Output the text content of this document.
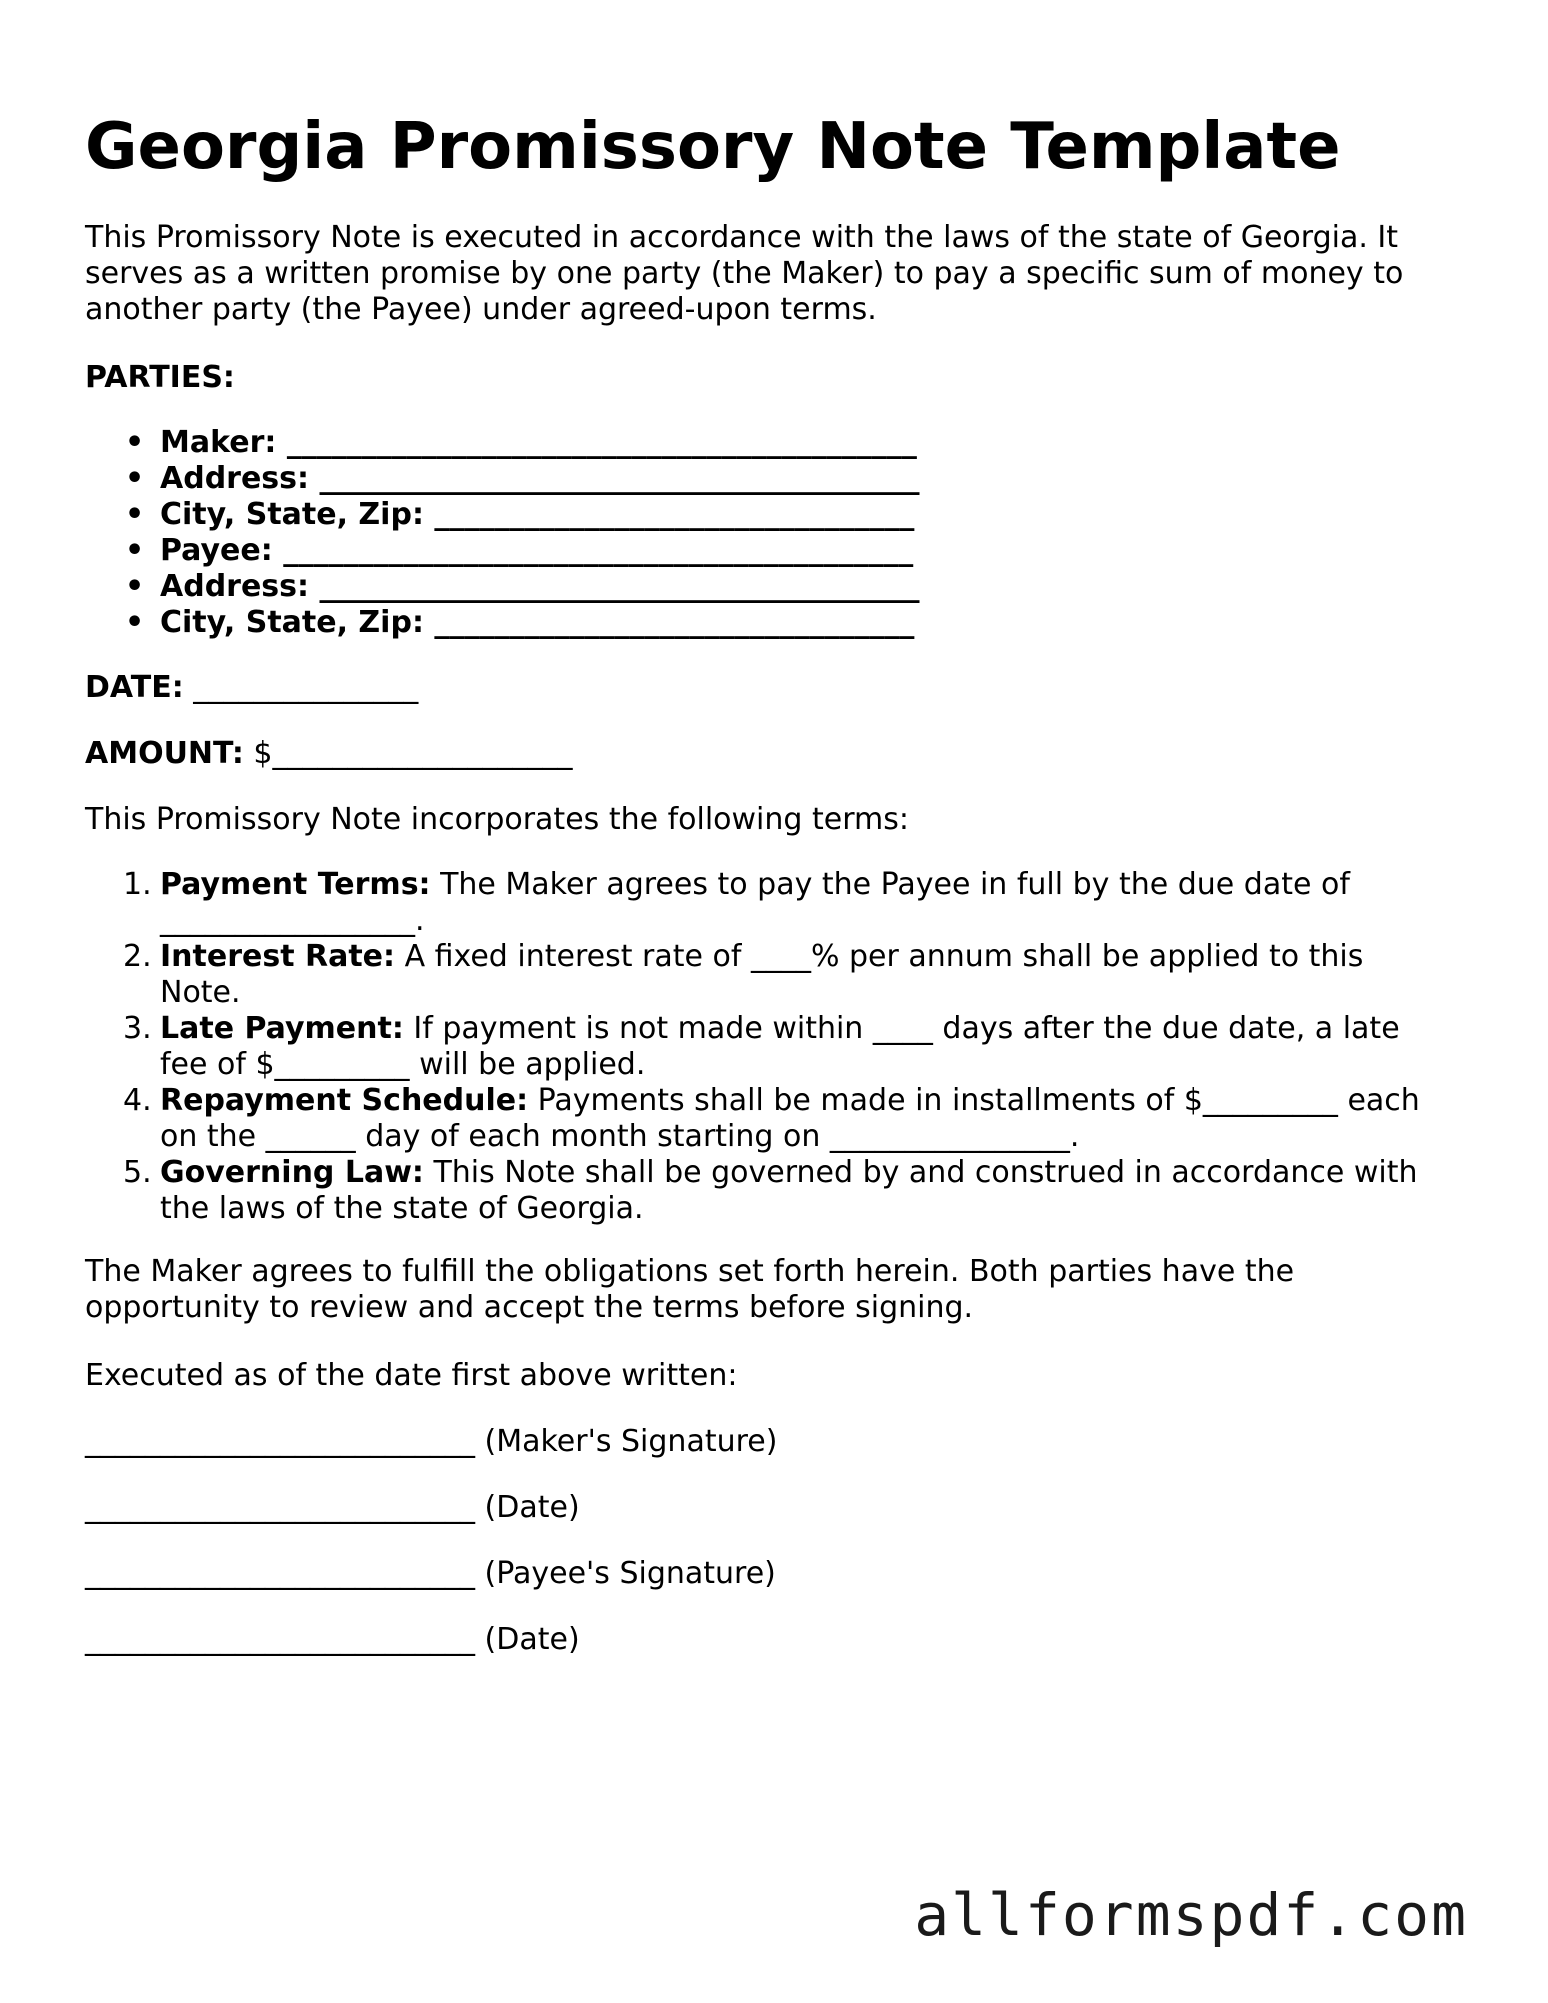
Georgia Promissory Note Template

This Promissory Note is executed in accordance with the laws of the state of Georgia. It serves as a written promise by one party (the Maker) to pay a specific sum of money to another party (the Payee) under agreed-upon terms.

PARTIES:

• Maker: __________________________________________
• Address: ________________________________________
• City, State, Zip: ________________________________
• Payee: __________________________________________
• Address: ________________________________________
• City, State, Zip: ________________________________

DATE: _______________

AMOUNT: $____________________

This Promissory Note incorporates the following terms:

1. Payment Terms: The Maker agrees to pay the Payee in full by the due date of _________________.
2. Interest Rate: A fixed interest rate of ____% per annum shall be applied to this Note.
3. Late Payment: If payment is not made within ____ days after the due date, a late fee of $_________ will be applied.
4. Repayment Schedule: Payments shall be made in installments of $_________ each on the ______ day of each month starting on ________________.
5. Governing Law: This Note shall be governed by and construed in accordance with the laws of the state of Georgia.

The Maker agrees to fulfill the obligations set forth herein. Both parties have the opportunity to review and accept the terms before signing.

Executed as of the date first above written:

__________________________ (Maker's Signature)

__________________________ (Date)

__________________________ (Payee's Signature)

__________________________ (Date)

allformspdf.com
